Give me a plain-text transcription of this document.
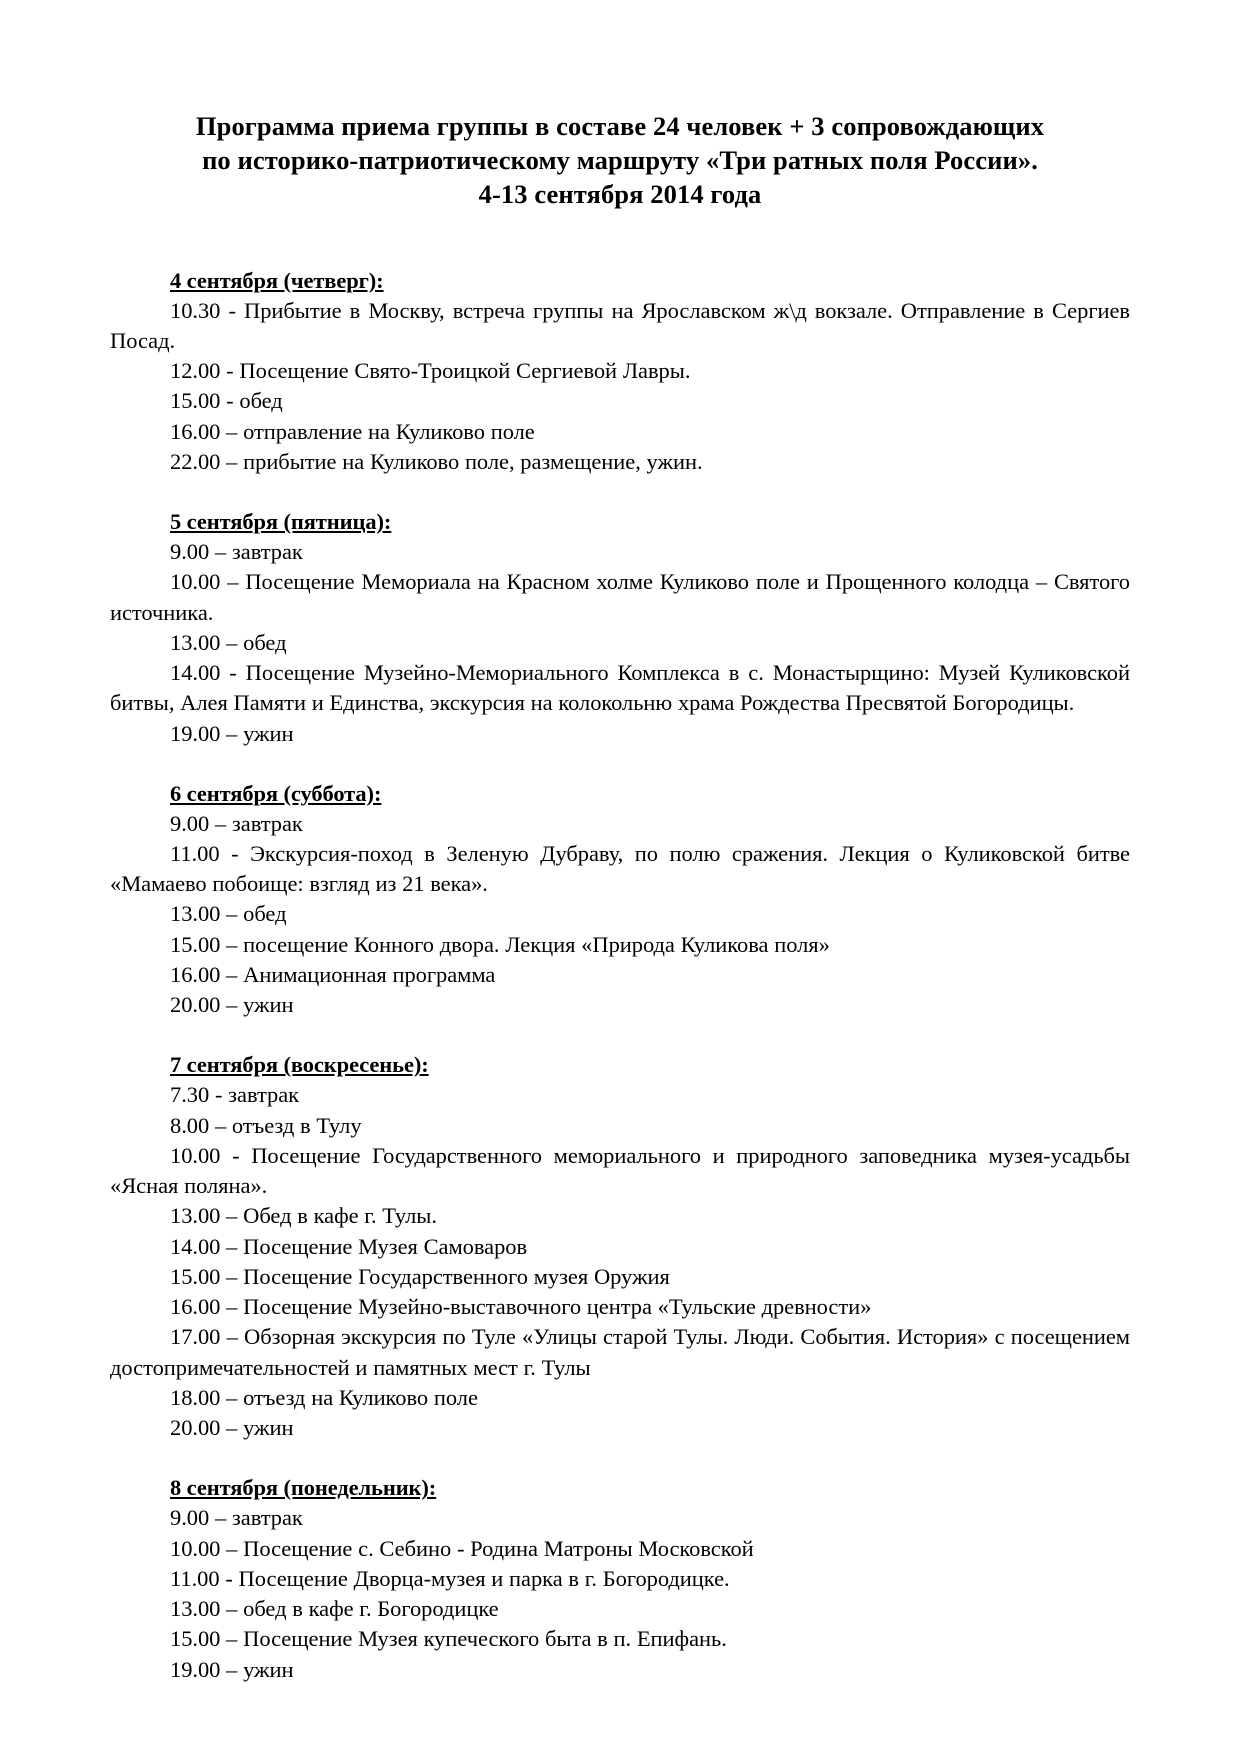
Программа приема группы в составе 24 человек + 3 сопровождающих
по историко-патриотическому маршруту «Три ратных поля России».
4-13 сентября 2014 года
4 сентября (четверг):

10.30 - Прибытие в Москву, встреча группы на Ярославском ж\д вокзале. Отправление в Сергиев Посад.

12.00 - Посещение Свято-Троицкой Сергиевой Лавры.

15.00 - обед

16.00 – отправление на Куликово поле

22.00 – прибытие на Куликово поле, размещение, ужин.

5 сентября (пятница):

9.00 – завтрак

10.00 – Посещение Мемориала на Красном холме Куликово поле и Прощенного колодца – Святого источника.

13.00 – обед

14.00 - Посещение Музейно-Мемориального Комплекса в с. Монастырщино: Музей Куликовской битвы, Алея Памяти и Единства, экскурсия на колокольню храма Рождества Пресвятой Богородицы.

19.00 – ужин

6 сентября (суббота):

9.00 – завтрак

11.00 - Экскурсия-поход в Зеленую Дубраву, по полю сражения. Лекция о Куликовской битве «Мамаево побоище: взгляд из 21 века».

13.00 – обед

15.00 – посещение Конного двора. Лекция «Природа Куликова поля»

16.00 – Анимационная программа

20.00 – ужин

7 сентября (воскресенье):

7.30 - завтрак

8.00 – отъезд в Тулу

10.00 - Посещение Государственного мемориального и природного заповедника музея-усадьбы «Ясная поляна».

13.00 – Обед в кафе г. Тулы.

14.00 – Посещение Музея Самоваров

15.00 – Посещение Государственного музея Оружия

16.00 – Посещение Музейно-выставочного центра «Тульские древности»

17.00 – Обзорная экскурсия по Туле «Улицы старой Тулы. Люди. События. История» с посещением достопримечательностей и памятных мест г. Тулы

18.00 – отъезд на Куликово поле

20.00 – ужин

8 сентября (понедельник):

9.00 – завтрак

10.00 – Посещение с. Себино - Родина Матроны Московской

11.00 - Посещение Дворца-музея и парка в г. Богородицке.

13.00 – обед в кафе г. Богородицке

15.00 – Посещение Музея купеческого быта в п. Епифань.

19.00 – ужин
